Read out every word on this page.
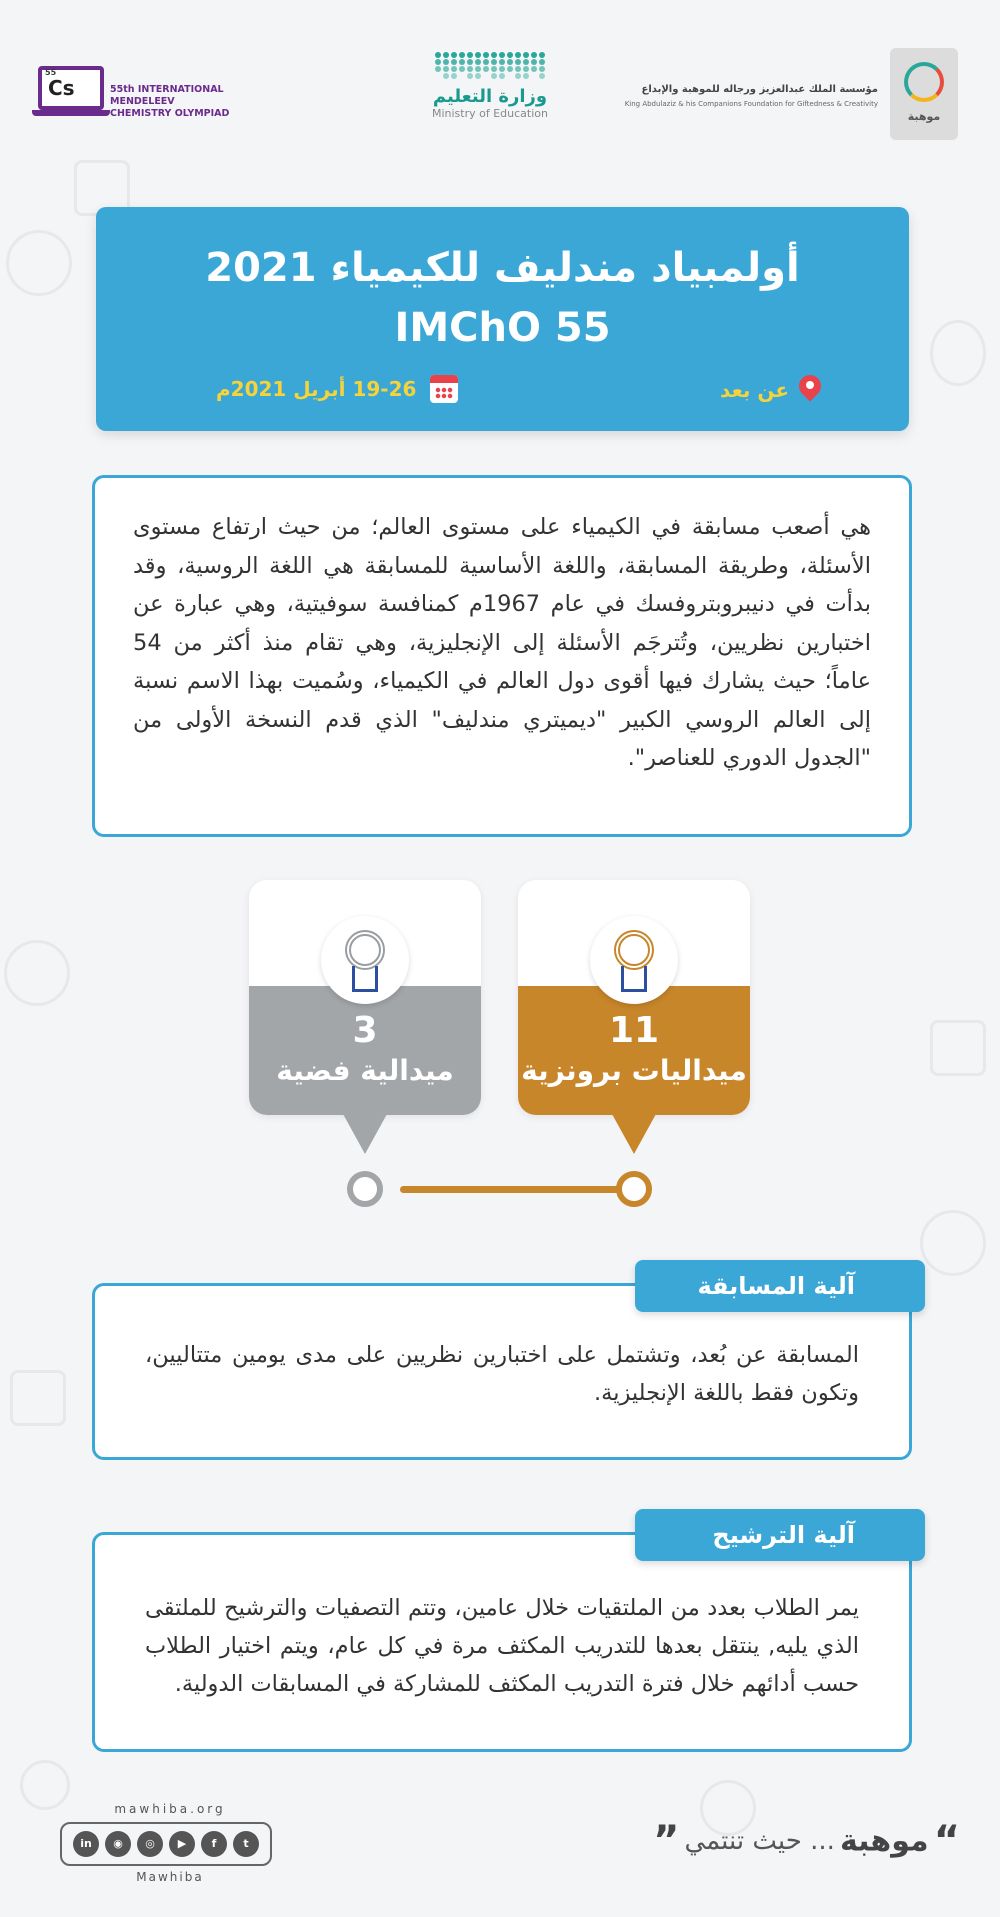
Cs
55
55th INTERNATIONAL MENDELEEV
CHEMISTRY OLYMPIAD
وزارة التعليم
Ministry of Education
مؤسسة الملك عبدالعزيز ورجاله للموهبة والإبداع
King Abdulaziz & his Companions Foundation for Giftedness & Creativity
موهبة
أولمبياد مندليف للكيمياء 2021
IMChO 55
عن بعد
19-26 أبريل 2021م
هي أصعب مسابقة في الكيمياء على مستوى العالم؛ من حيث ارتفاع مستوى الأسئلة، وطريقة المسابقة، واللغة الأساسية للمسابقة هي اللغة الروسية، وقد بدأت في دنيبروبتروفسك في عام 1967م كمنافسة سوفيتية، وهي عبارة عن اختبارين نظريين، وتُترجَم الأسئلة إلى الإنجليزية، وهي تقام منذ أكثر من 54 عاماً؛ حيث يشارك فيها أقوى دول العالم في الكيمياء، وسُميت بهذا الاسم نسبة إلى العالم الروسي الكبير "ديميتري مندليف" الذي قدم النسخة الأولى من "الجدول الدوري للعناصر".
11
ميداليات برونزية
3
ميدالية فضية
آلية المسابقة
المسابقة عن بُعد، وتشتمل على اختبارين نظريين على مدى يومين متتاليين، وتكون فقط باللغة الإنجليزية.
آلية الترشيح
يمر الطلاب بعدد من الملتقيات خلال عامين، وتتم التصفيات والترشيح للملتقى الذي يليه, ينتقل بعدها للتدريب المكثف مرة في كل عام، ويتم اختيار الطلاب حسب أدائهم خلال فترة التدريب المكثف للمشاركة في المسابقات الدولية.
mawhiba.org
in	◉	◎	▶	f	t
Mawhiba
“ موهبة ... حيث تنتمي ”
